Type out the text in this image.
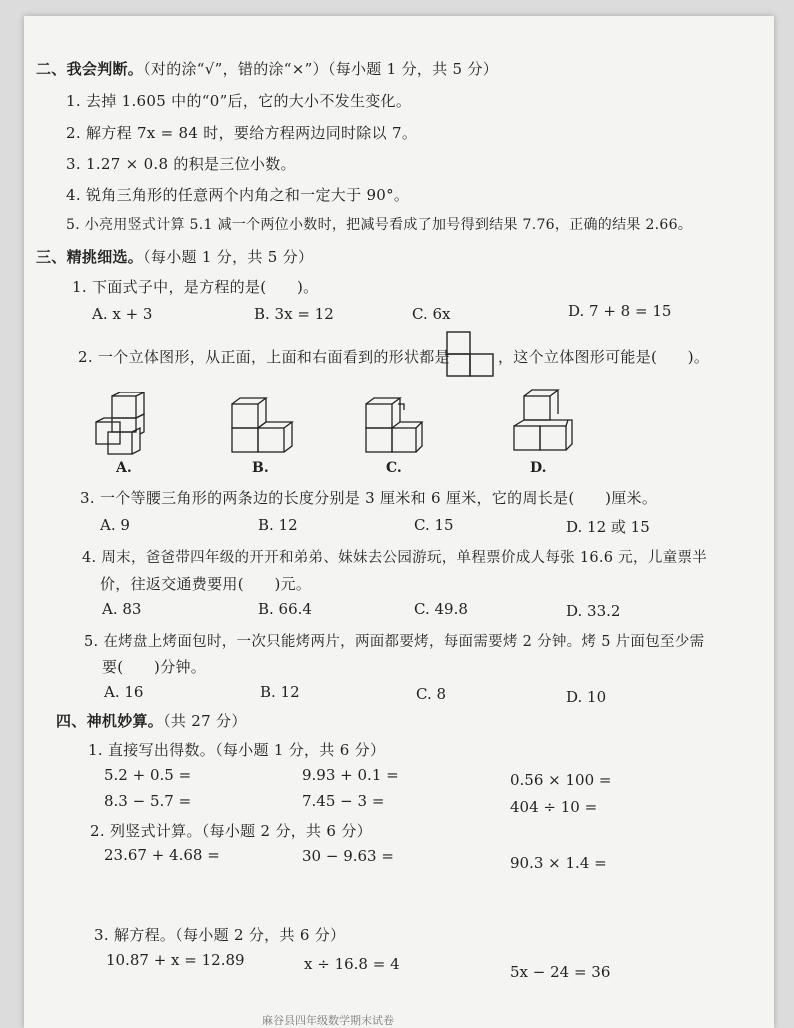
二、我会判断。（对的涂“√”，错的涂“×”）（每小题 1 分，共 5 分）
1. 去掉 1.605 中的“0”后，它的大小不发生变化。
2. 解方程 7x = 84 时，要给方程两边同时除以 7。
3. 1.27 × 0.8 的积是三位小数。
4. 锐角三角形的任意两个内角之和一定大于 90°。
5. 小亮用竖式计算 5.1 减一个两位小数时，把减号看成了加号得到结果 7.76，正确的结果 2.66。
三、精挑细选。（每小题 1 分，共 5 分）
1. 下面式子中，是方程的是(　　)。
A. x + 3	B. 3x = 12	C. 6x	D. 7 + 8 = 15
2. 一个立体图形，从正面，上面和右面看到的形状都是	，这个立体图形可能是(　　)。
A.	B.	C.	D.
3. 一个等腰三角形的两条边的长度分别是 3 厘米和 6 厘米，它的周长是(　　)厘米。
A. 9	B. 12	C. 15	D. 12 或 15
4. 周末，爸爸带四年级的开开和弟弟、妹妹去公园游玩，单程票价成人每张 16.6 元，儿童票半
价，往返交通费要用(　　)元。
A. 83	B. 66.4	C. 49.8	D. 33.2
5. 在烤盘上烤面包时，一次只能烤两片，两面都要烤，每面需要烤 2 分钟。烤 5 片面包至少需
要(　　)分钟。
A. 16	B. 12	C. 8	D. 10
四、神机妙算。（共 27 分）
1. 直接写出得数。（每小题 1 分，共 6 分）
5.2 + 0.5 =	9.93 + 0.1 =	0.56 × 100 =
8.3 − 5.7 =	7.45 − 3 =	404 ÷ 10 =
2. 列竖式计算。（每小题 2 分，共 6 分）
23.67 + 4.68 =	30 − 9.63 =	90.3 × 1.4 =
3. 解方程。（每小题 2 分，共 6 分）
10.87 + x = 12.89	x ÷ 16.8 = 4	5x − 24 = 36
麻谷县四年级数学期末试卷
